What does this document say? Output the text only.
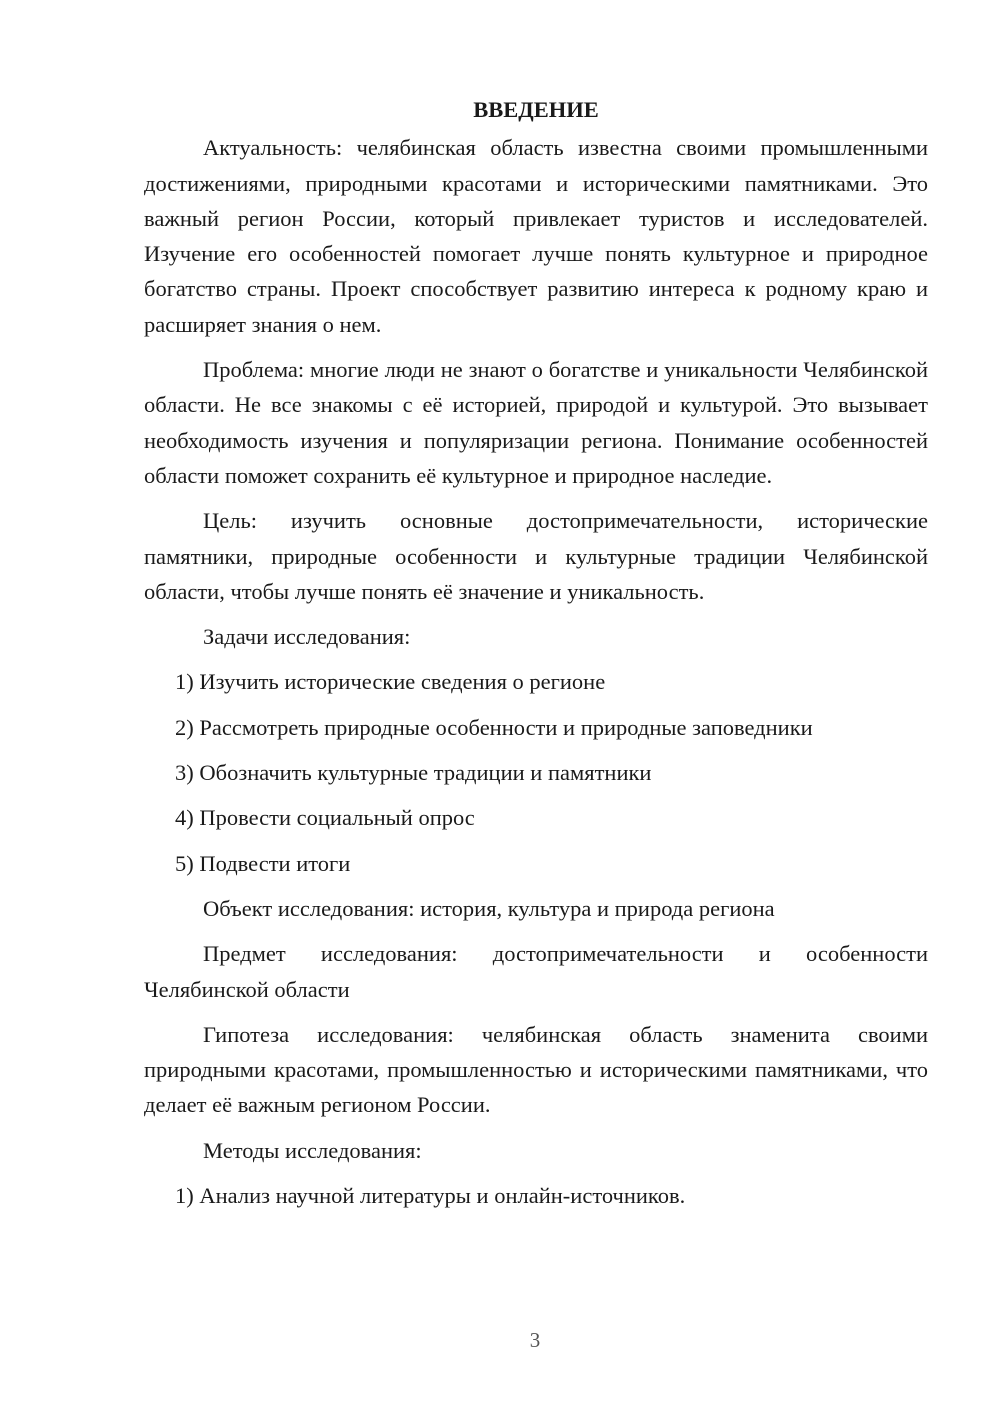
ВВЕДЕНИЕ

Актуальность: челябинская область известна своими промышленными достижениями, природными красотами и историческими памятниками. Это важный регион России, который привлекает туристов и исследователей. Изучение его особенностей помогает лучше понять культурное и природное богатство страны. Проект способствует развитию интереса к родному краю и расширяет знания о нем.

Проблема: многие люди не знают о богатстве и уникальности Челябинской области. Не все знакомы с её историей, природой и культурой. Это вызывает необходимость изучения и популяризации региона. Понимание особенностей области поможет сохранить её культурное и природное наследие.

Цель: изучить основные достопримечательности, исторические памятники, природные особенности и культурные традиции Челябинской области, чтобы лучше понять её значение и уникальность.

Задачи исследования:

1) Изучить исторические сведения о регионе

2) Рассмотреть природные особенности и природные заповедники

3) Обозначить культурные традиции и памятники

4) Провести социальный опрос

5) Подвести итоги

Объект исследования: история, культура и природа региона

Предмет исследования: достопримечательности и особенности Челябинской области

Гипотеза исследования: челябинская область знаменита своими природными красотами, промышленностью и историческими памятниками, что делает её важным регионом России.

Методы исследования:

1) Анализ научной литературы и онлайн-источников.

3
